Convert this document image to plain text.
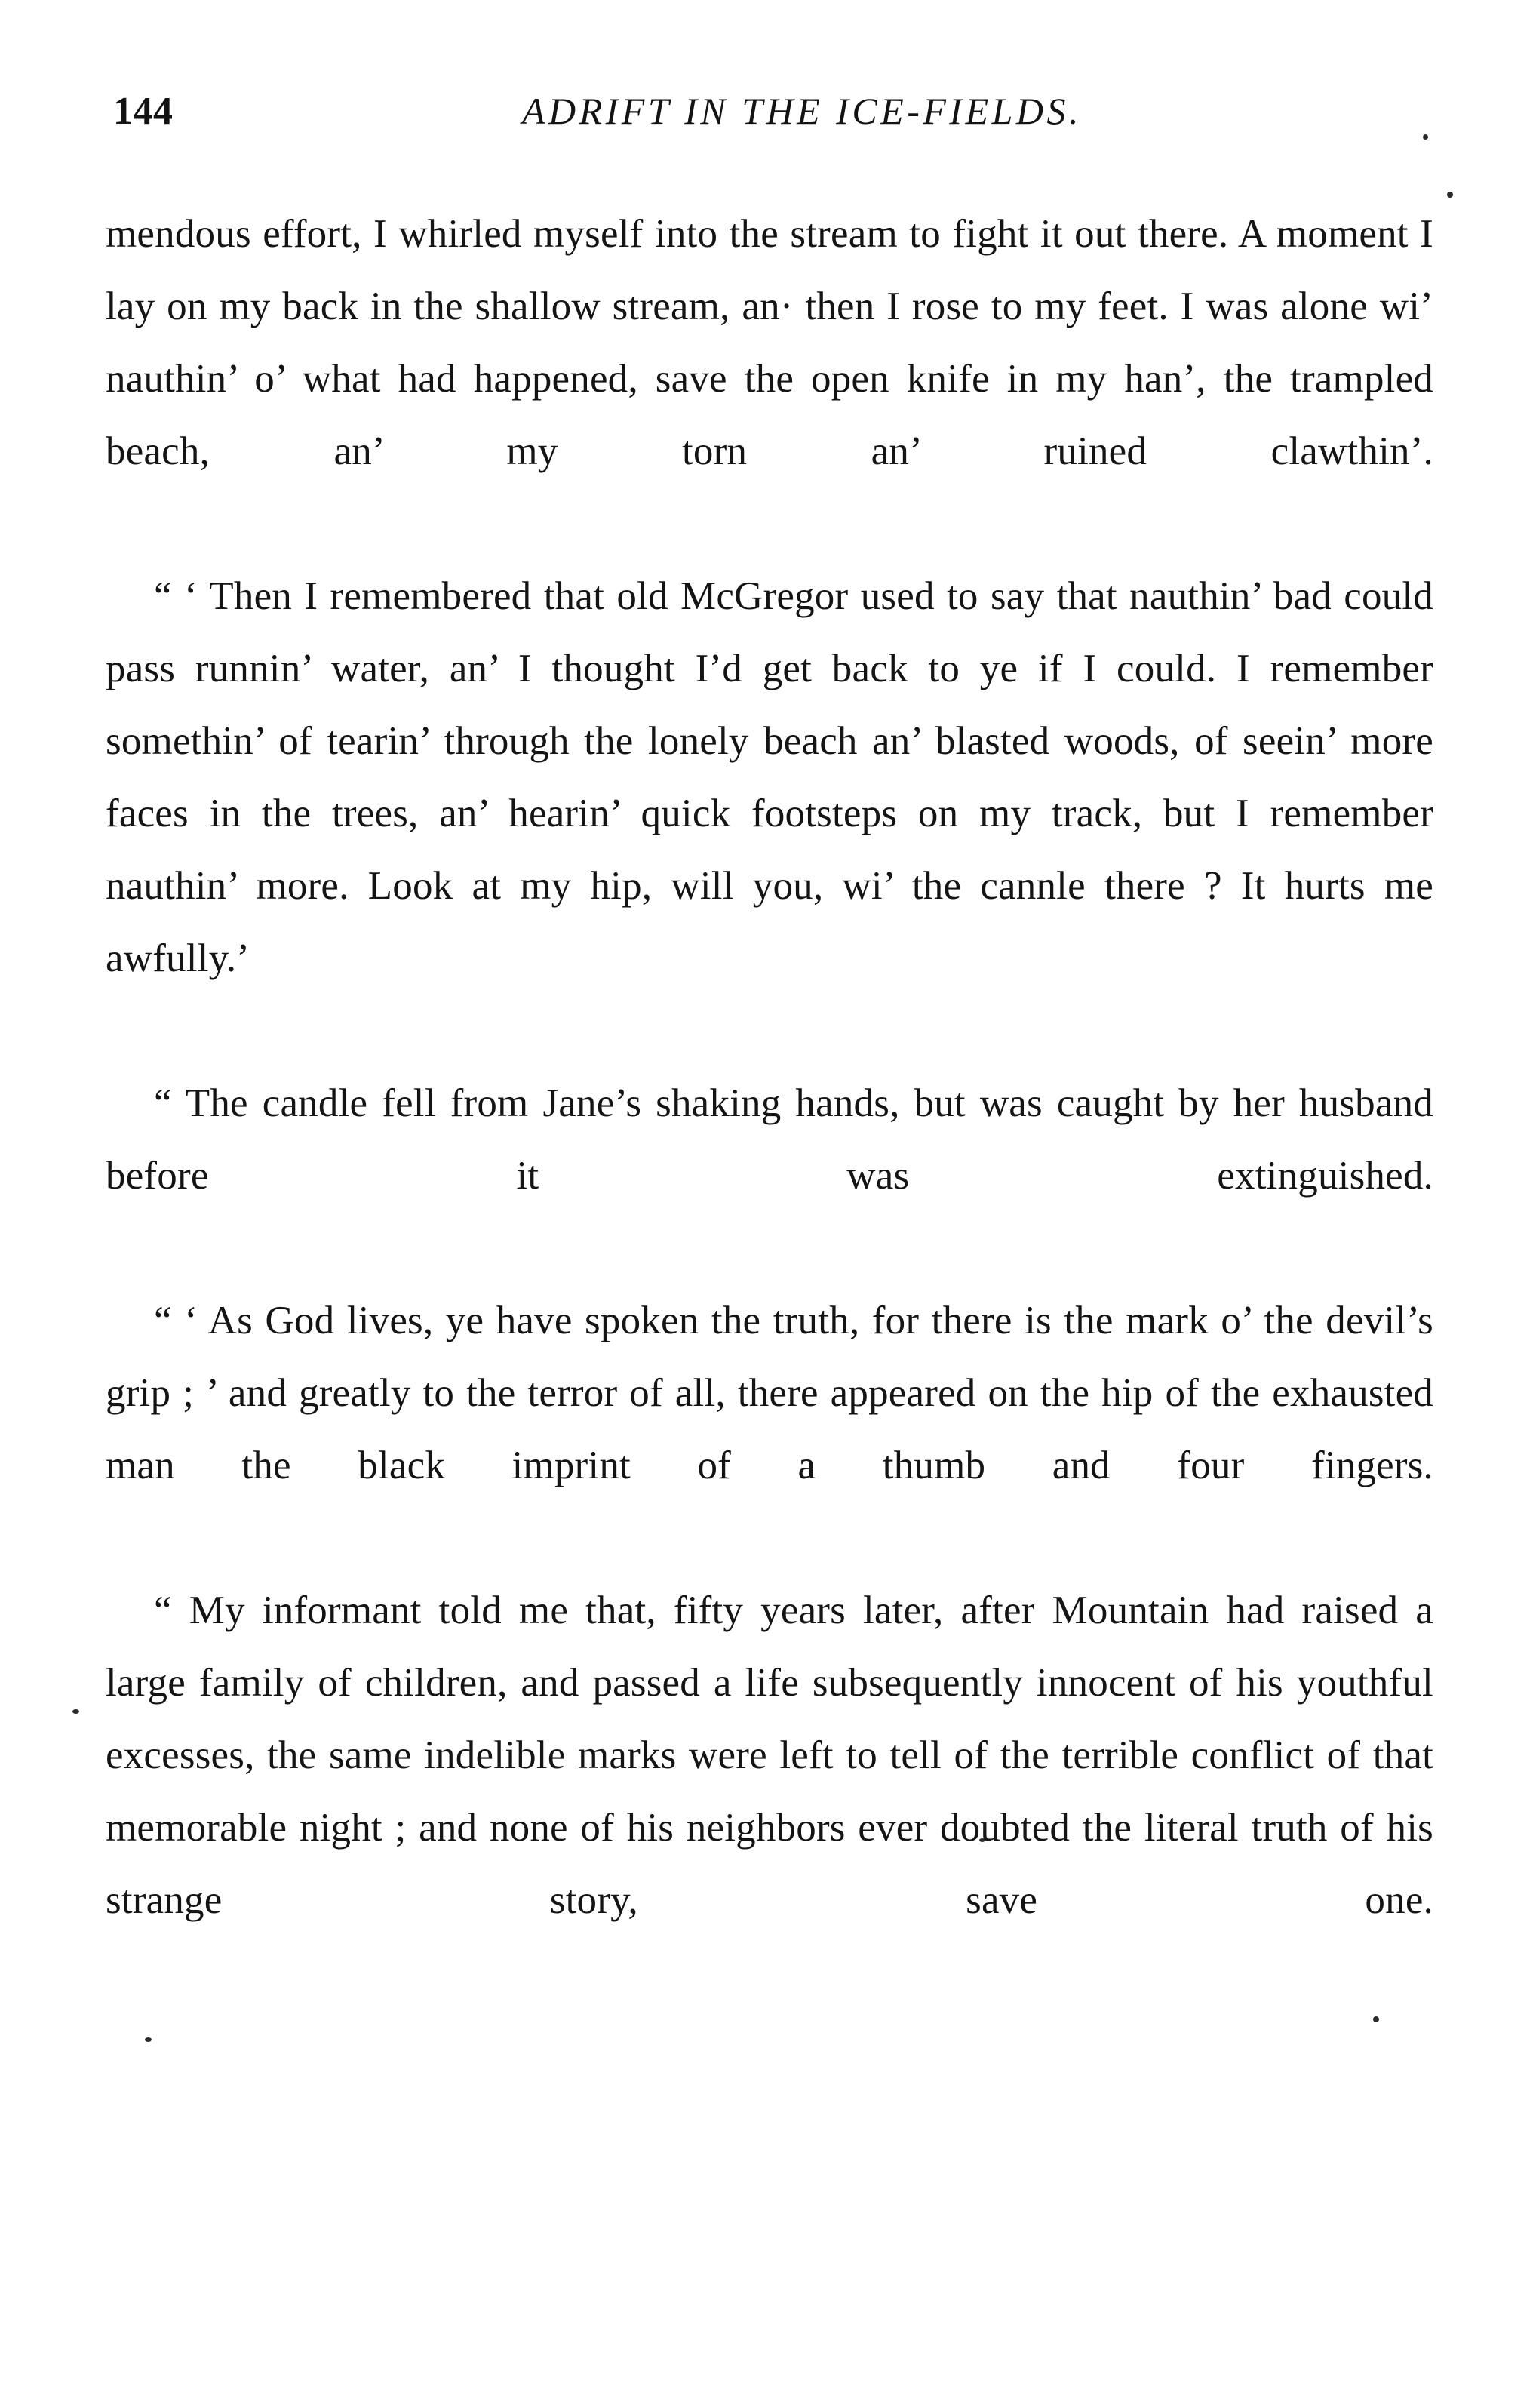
144	ADRIFT IN THE ICE-FIELDS.

mendous effort, I whirled myself into the stream to fight it out there. A moment I lay on my back in the shallow stream, an· then I rose to my feet. I was alone wi’ nauthin’ o’ what had happened, save the open knife in my han’, the trampled beach, an’ my torn an’ ruined clawthin’.

“ ‘ Then I remembered that old McGregor used to say that nauthin’ bad could pass runnin’ water, an’ I thought I’d get back to ye if I could. I remember somethin’ of tearin’ through the lonely beach an’ blasted woods, of seein’ more faces in the trees, an’ hearin’ quick footsteps on my track, but I remember nauthin’ more. Look at my hip, will you, wi’ the cannle there ? It hurts me awfully.’

“ The candle fell from Jane’s shaking hands, but was caught by her husband before it was extinguished.

“ ‘ As God lives, ye have spoken the truth, for there is the mark o’ the devil’s grip ; ’ and greatly to the terror of all, there appeared on the hip of the exhausted man the black imprint of a thumb and four fingers.

“ My informant told me that, fifty years later, after Mountain had raised a large family of children, and passed a life subsequently innocent of his youthful excesses, the same indelible marks were left to tell of the terrible conflict of that memorable night ; and none of his neighbors ever doubted the literal truth of his strange story, save one.
